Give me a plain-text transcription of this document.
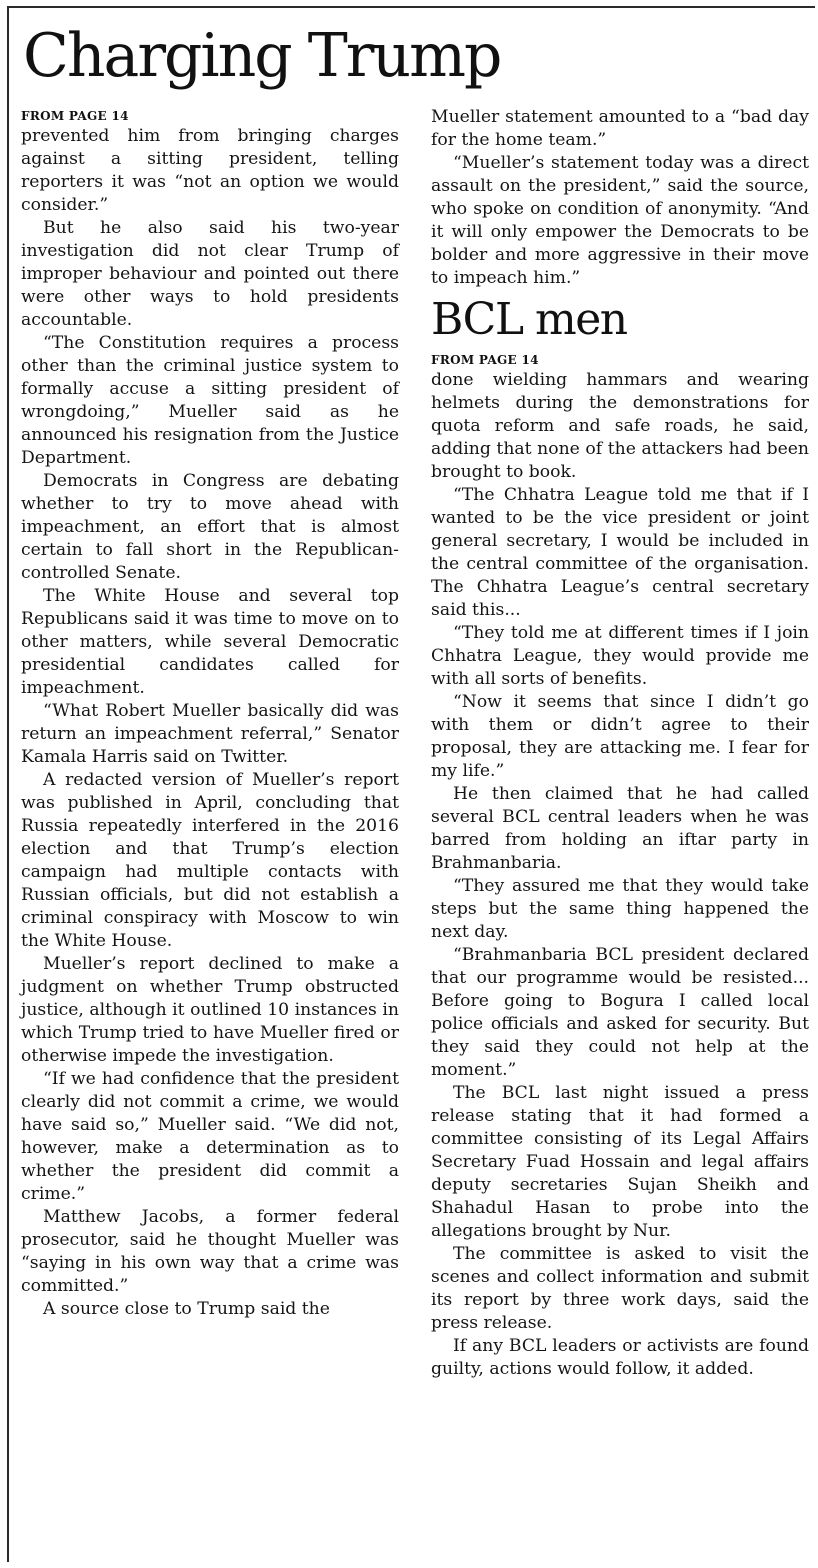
Charging Trump

FROM PAGE 14

prevented him from bringing charges against a sitting president, telling reporters it was “not an option we would consider.”

But he also said his two-year investigation did not clear Trump of improper behaviour and pointed out there were other ways to hold presidents accountable.

“The Constitution requires a process other than the criminal justice system to formally accuse a sitting president of wrongdoing,” Mueller said as he announced his resignation from the Justice Department.

Democrats in Congress are debating whether to try to move ahead with impeachment, an effort that is almost certain to fall short in the Republican-controlled Senate.

The White House and several top Republicans said it was time to move on to other matters, while several Democratic presidential candidates called for impeachment.

“What Robert Mueller basically did was return an impeachment referral,” Senator Kamala Harris said on Twitter.

A redacted version of Mueller’s report was published in April, concluding that Russia repeatedly interfered in the 2016 election and that Trump’s election campaign had multiple contacts with Russian officials, but did not establish a criminal conspiracy with Moscow to win the White House.

Mueller’s report declined to make a judgment on whether Trump obstructed justice, although it outlined 10 instances in which Trump tried to have Mueller fired or otherwise impede the investigation.

“If we had confidence that the president clearly did not commit a crime, we would have said so,” Mueller said. “We did not, however, make a determination as to whether the president did commit a crime.”

Matthew Jacobs, a former federal prosecutor, said he thought Mueller was “saying in his own way that a crime was committed.”

A source close to Trump said the

Mueller statement amounted to a “bad day for the home team.”

“Mueller’s statement today was a direct assault on the president,” said the source, who spoke on condition of anonymity. “And it will only empower the Democrats to be bolder and more aggressive in their move to impeach him.”

BCL men

FROM PAGE 14

done wielding hammars and wearing helmets during the demonstrations for quota reform and safe roads, he said, adding that none of the attackers had been brought to book.

“The Chhatra League told me that if I wanted to be the vice president or joint general secretary, I would be included in the central committee of the organisation. The Chhatra League’s central secretary said this...

“They told me at different times if I join Chhatra League, they would provide me with all sorts of benefits.

“Now it seems that since I didn’t go with them or didn’t agree to their proposal, they are attacking me. I fear for my life.”

He then claimed that he had called several BCL central leaders when he was barred from holding an iftar party in Brahmanbaria.

“They assured me that they would take steps but the same thing happened the next day.

“Brahmanbaria BCL president declared that our programme would be resisted... Before going to Bogura I called local police officials and asked for security. But they said they could not help at the moment.”

The BCL last night issued a press release stating that it had formed a committee consisting of its Legal Affairs Secretary Fuad Hossain and legal affairs deputy secretaries Sujan Sheikh and Shahadul Hasan to probe into the allegations brought by Nur.

The committee is asked to visit the scenes and collect information and submit its report by three work days, said the press release.

If any BCL leaders or activists are found guilty, actions would follow, it added.
